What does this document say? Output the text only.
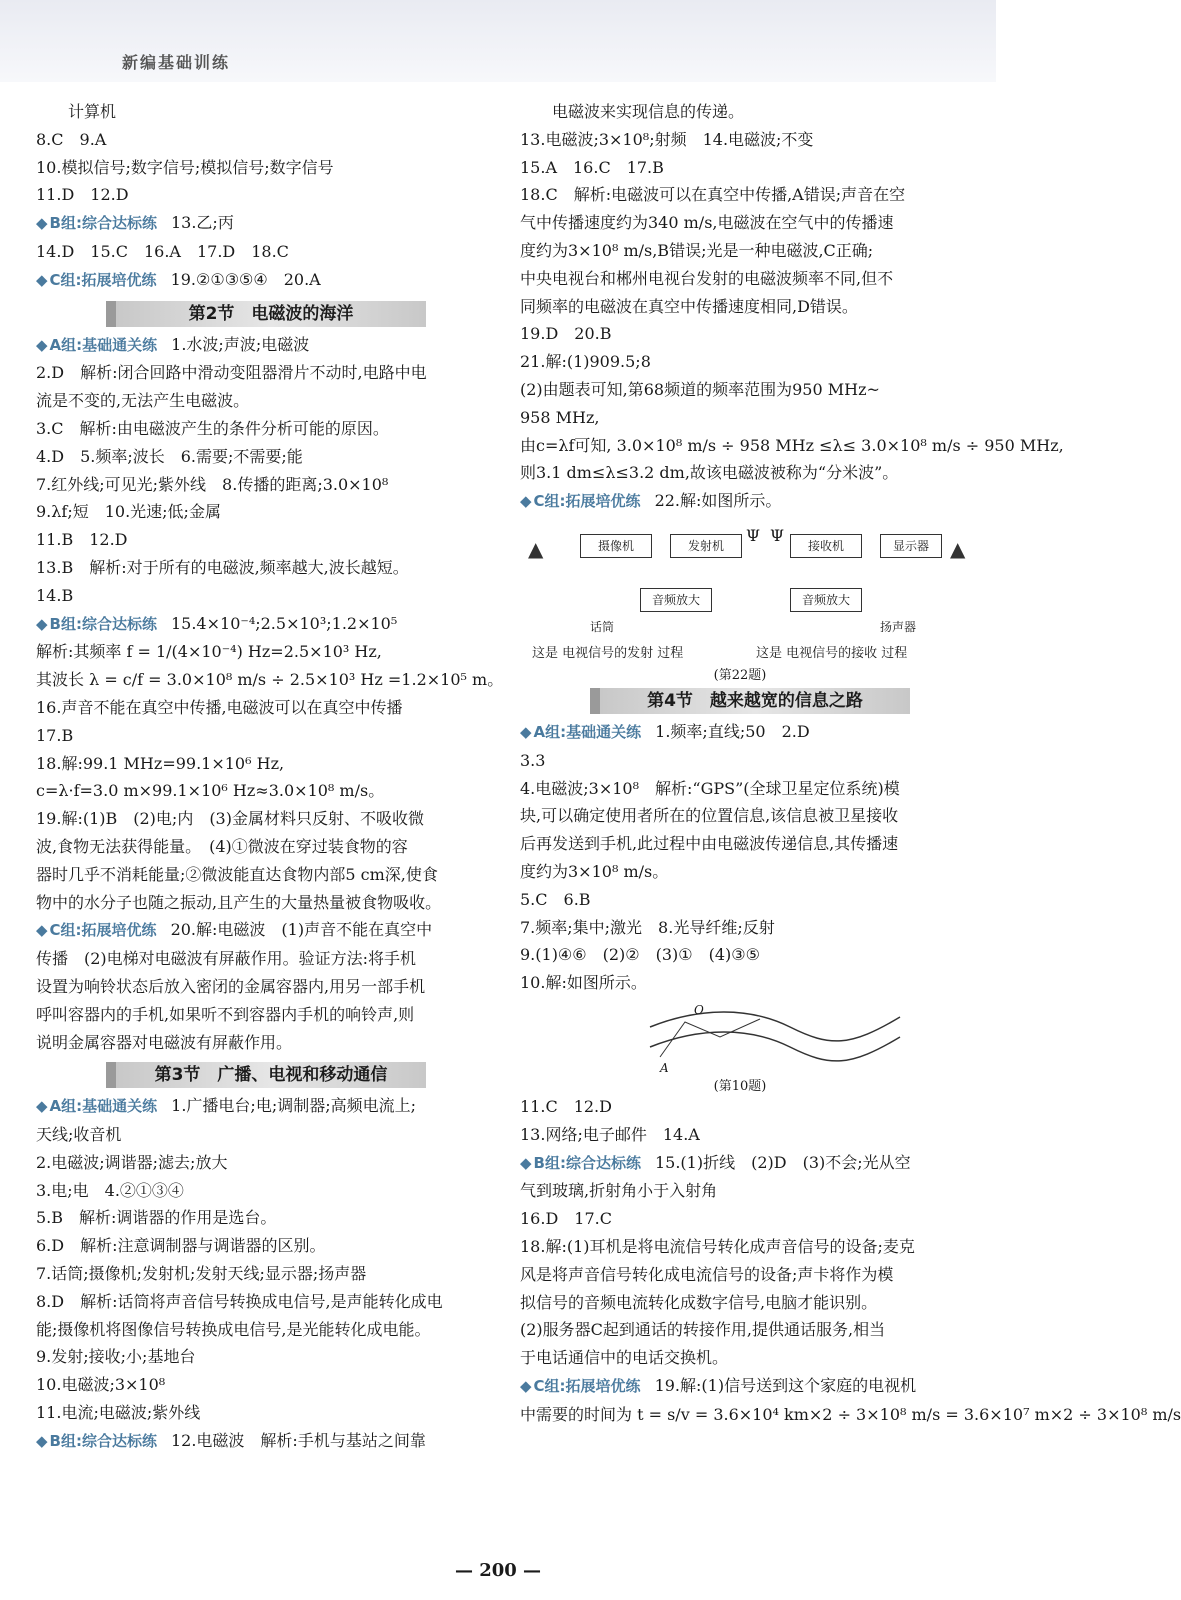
新编基础训练
计算机
8.C　9.A
10.模拟信号;数字信号;模拟信号;数字信号
11.D　12.D
◆ B组:综合达标练 13.乙;丙
14.D　15.C　16.A　17.D　18.C
◆ C组:拓展培优练 19.②①③⑤④　20.A
第2节　电磁波的海洋
◆ A组:基础通关练 1.水波;声波;电磁波
2.D　解析:闭合回路中滑动变阻器滑片不动时,电路中电
流是不变的,无法产生电磁波。
3.C　解析:由电磁波产生的条件分析可能的原因。
4.D　5.频率;波长　6.需要;不需要;能
7.红外线;可见光;紫外线　8.传播的距离;3.0×10⁸
9.λf;短　10.光速;低;金属
11.B　12.D
13.B　解析:对于所有的电磁波,频率越大,波长越短。
14.B
◆ B组:综合达标练 15.4×10⁻⁴;2.5×10³;1.2×10⁵
解析:其频率 f = 1/(4×10⁻⁴) Hz=2.5×10³ Hz,
其波长 λ = c/f = 3.0×10⁸ m/s ÷ 2.5×10³ Hz =1.2×10⁵ m。
16.声音不能在真空中传播,电磁波可以在真空中传播
17.B
18.解:99.1 MHz=99.1×10⁶ Hz,
c=λ·f=3.0 m×99.1×10⁶ Hz≈3.0×10⁸ m/s。
19.解:(1)B　(2)电;内　(3)金属材料只反射、不吸收微
波,食物无法获得能量。　(4)①微波在穿过装食物的容
器时几乎不消耗能量;②微波能直达食物内部5 cm深,使食
物中的水分子也随之振动,且产生的大量热量被食物吸收。
◆ C组:拓展培优练 20.解:电磁波　(1)声音不能在真空中
传播　(2)电梯对电磁波有屏蔽作用。验证方法:将手机
设置为响铃状态后放入密闭的金属容器内,用另一部手机
呼叫容器内的手机,如果听不到容器内手机的响铃声,则
说明金属容器对电磁波有屏蔽作用。
第3节　广播、电视和移动通信
◆ A组:基础通关练 1.广播电台;电;调制器;高频电流上;
天线;收音机
2.电磁波;调谐器;滤去;放大
3.电;电　4.②①③④
5.B　解析:调谐器的作用是选台。
6.D　解析:注意调制器与调谐器的区别。
7.话筒;摄像机;发射机;发射天线;显示器;扬声器
8.D　解析:话筒将声音信号转换成电信号,是声能转化成电
能;摄像机将图像信号转换成电信号,是光能转化成电能。
9.发射;接收;小;基地台
10.电磁波;3×10⁸
11.电流;电磁波;紫外线
◆ B组:综合达标练 12.电磁波　解析:手机与基站之间靠
电磁波来实现信息的传递。
13.电磁波;3×10⁸;射频　14.电磁波;不变
15.A　16.C　17.B
18.C　解析:电磁波可以在真空中传播,A错误;声音在空
气中传播速度约为340 m/s,电磁波在空气中的传播速
度约为3×10⁸ m/s,B错误;光是一种电磁波,C正确;
中央电视台和郴州电视台发射的电磁波频率不同,但不
同频率的电磁波在真空中传播速度相同,D错误。
19.D　20.B
21.解:(1)909.5;8
(2)由题表可知,第68频道的频率范围为950 MHz~
958 MHz,
由c=λf可知, 3.0×10⁸ m/s ÷ 958 MHz ≤λ≤ 3.0×10⁸ m/s ÷ 950 MHz,
则3.1 dm≤λ≤3.2 dm,故该电磁波被称为“分米波”。
◆ C组:拓展培优练 22.解:如图所示。
▲	摄像机	发射机
Ψ Ψ
接收机	显示器	▲
音频放大	音频放大
话筒	扬声器
这是 电视信号的发射 过程	这是 电视信号的接收 过程
(第22题)
第4节　越来越宽的信息之路
◆ A组:基础通关练 1.频率;直线;50　2.D
3.3
4.电磁波;3×10⁸　解析:“GPS”(全球卫星定位系统)模
块,可以确定使用者所在的位置信息,该信息被卫星接收
后再发送到手机,此过程中由电磁波传递信息,其传播速
度约为3×10⁸ m/s。
5.C　6.B
7.频率;集中;激光　8.光导纤维;反射
9.(1)④⑥　(2)②　(3)①　(4)③⑤
10.解:如图所示。
O
A
(第10题)
11.C　12.D
13.网络;电子邮件　14.A
◆ B组:综合达标练 15.(1)折线　(2)D　(3)不会;光从空
气到玻璃,折射角小于入射角
16.D　17.C
18.解:(1)耳机是将电流信号转化成声音信号的设备;麦克
风是将声音信号转化成电流信号的设备;声卡将作为模
拟信号的音频电流转化成数字信号,电脑才能识别。
(2)服务器C起到通话的转接作用,提供通话服务,相当
于电话通信中的电话交换机。
◆ C组:拓展培优练 19.解:(1)信号送到这个家庭的电视机
中需要的时间为 t = s/v = 3.6×10⁴ km×2 ÷ 3×10⁸ m/s = 3.6×10⁷ m×2 ÷ 3×10⁸ m/s
— 200 —
